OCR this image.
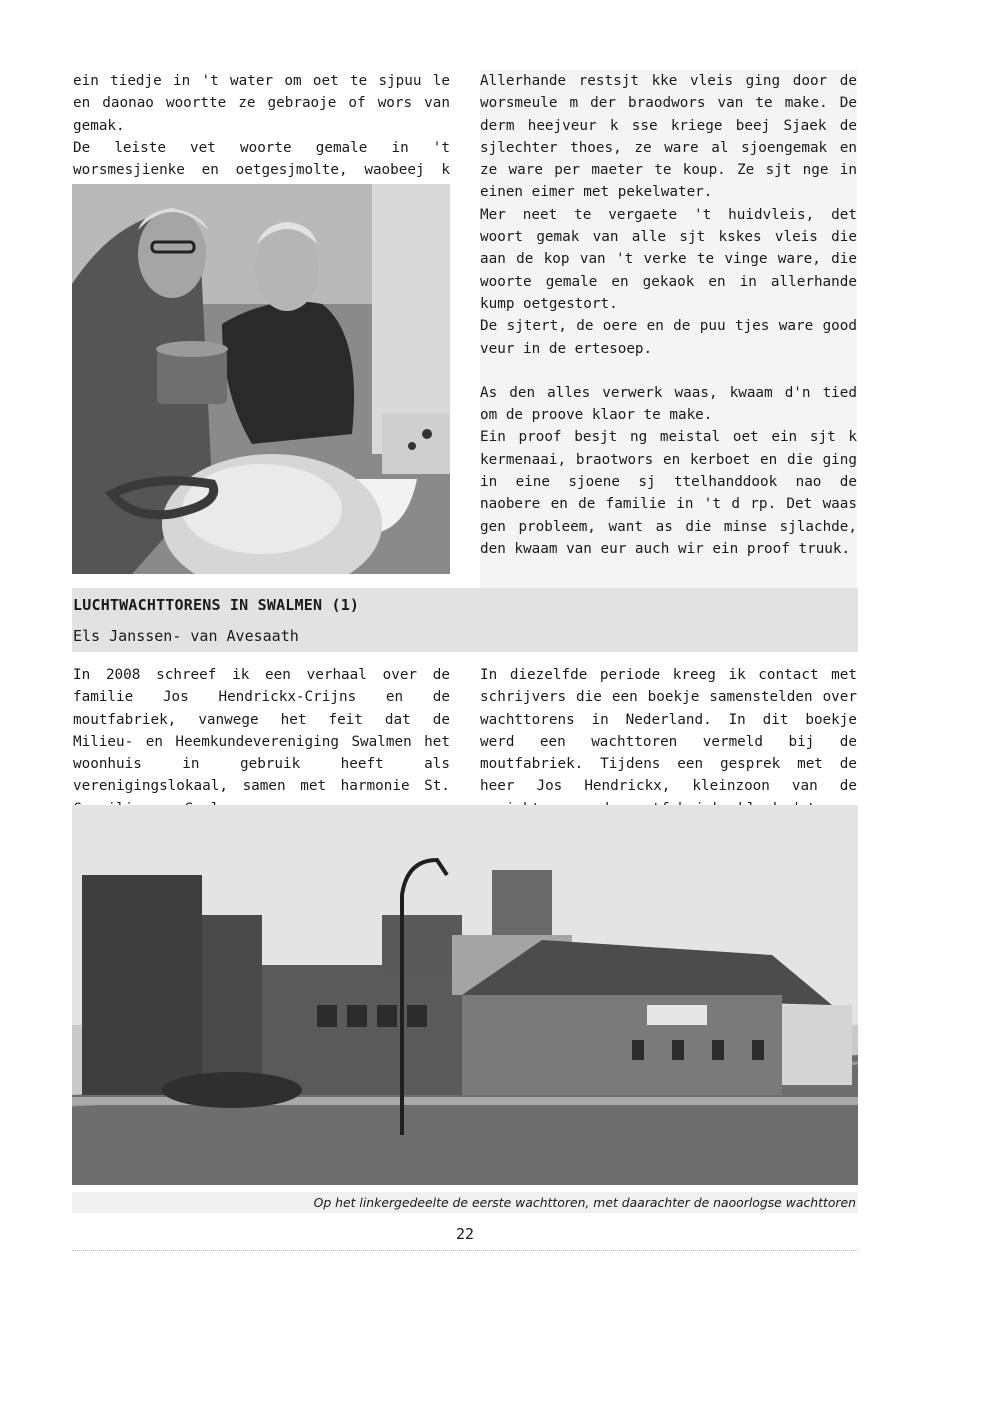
ein tiedje in 't water om oet te sjpuu le en daonao woortte ze gebraoje of wors van gemak.

De leiste vet woorte gemale in 't worsmesjienke en oetgesjmolte, waobeej k

Allerhande restsjt kke vleis ging door de worsmeule m der braodwors van te make. De derm heejveur k sse kriege beej Sjaek de sjlechter thoes, ze ware al sjoengemak en ze ware per maeter te koup. Ze sjt nge in einen eimer met pekelwater.

Mer neet te vergaete 't huidvleis, det woort gemak van alle sjt kskes vleis die aan de kop van 't verke te vinge ware, die woorte gemale en gekaok en in allerhande kump oetgestort.

De sjtert, de oere en de puu tjes ware good veur in de ertesoep.

As den alles verwerk waas, kwaam d'n tied om de proove klaor te make.

Ein proof besjt ng meistal oet ein sjt k kermenaai, braotwors en kerboet en die ging in eine sjoene sj ttelhanddook nao de naobere en de familie in 't d rp. Det waas gen probleem, want as die minse sjlachde, den kwaam van eur auch wir ein proof truuk.

LUCHTWACHTTORENS IN SWALMEN (1)

Els Janssen- van Avesaath

In 2008 schreef ik een verhaal over de familie Jos Hendrickx-Crijns en de moutfabriek, vanwege het feit dat de Milieu- en Heemkundevereniging Swalmen het woonhuis in gebruik heeft als verenigingslokaal, samen met harmonie St.

In diezelfde periode kreeg ik contact met schrijvers die een boekje samenstelden over wachttorens in Nederland. In dit boekje werd een wachttoren vermeld bij de moutfabriek. Tijdens een gesprek met de heer Jos Hendrickx, kleinzoon van de

Op het linkergedeelte de eerste wachttoren, met daarachter de naoorlogse wachttoren
22
